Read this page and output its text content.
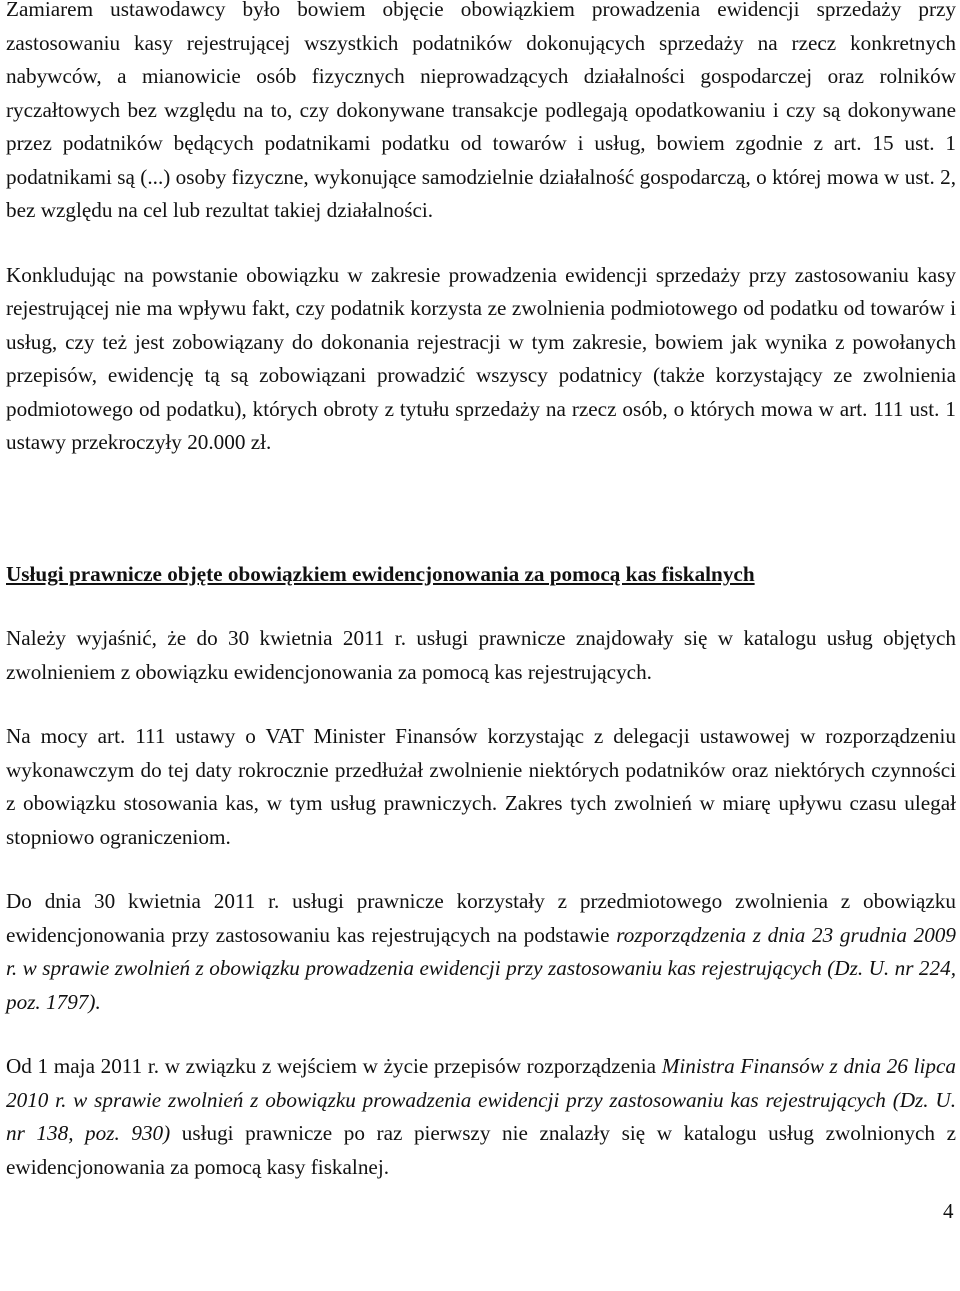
Zamiarem ustawodawcy było bowiem objęcie obowiązkiem prowadzenia ewidencji sprzedaży przy zastosowaniu kasy rejestrującej wszystkich podatników dokonujących sprzedaży na rzecz konkretnych nabywców, a mianowicie osób fizycznych nieprowadzących działalności gospodarczej oraz rolników ryczałtowych bez względu na to, czy dokonywane transakcje podlegają opodatkowaniu i czy są dokonywane przez podatników będących podatnikami podatku od towarów i usług, bowiem zgodnie z art. 15 ust. 1 podatnikami są (...) osoby fizyczne, wykonujące samodzielnie działalność gospodarczą, o której mowa w ust. 2, bez względu na cel lub rezultat takiej działalności.

Konkludując na powstanie obowiązku w zakresie prowadzenia ewidencji sprzedaży przy zastosowaniu kasy rejestrującej nie ma wpływu fakt, czy podatnik korzysta ze zwolnienia podmiotowego od podatku od towarów i usług, czy też jest zobowiązany do dokonania rejestracji w tym zakresie, bowiem jak wynika z powołanych przepisów, ewidencję tą są zobowiązani prowadzić wszyscy podatnicy (także korzystający ze zwolnienia podmiotowego od podatku), których obroty z tytułu sprzedaży na rzecz osób, o których mowa w art. 111 ust. 1 ustawy przekroczyły 20.000 zł.

Usługi prawnicze objęte obowiązkiem ewidencjonowania za pomocą kas fiskalnych

Należy wyjaśnić, że do 30 kwietnia 2011 r. usługi prawnicze znajdowały się w katalogu usług objętych zwolnieniem z obowiązku ewidencjonowania za pomocą kas rejestrujących.

Na mocy art. 111 ustawy o VAT Minister Finansów korzystając z delegacji ustawowej w rozporządzeniu wykonawczym do tej daty rokrocznie przedłużał zwolnienie niektórych podatników oraz niektórych czynności z obowiązku stosowania kas, w tym usług prawniczych. Zakres tych zwolnień w miarę upływu czasu ulegał stopniowo ograniczeniom.

Do dnia 30 kwietnia 2011 r. usługi prawnicze korzystały z przedmiotowego zwolnienia z obowiązku ewidencjonowania przy zastosowaniu kas rejestrujących na podstawie rozporządzenia z dnia 23 grudnia 2009 r. w sprawie zwolnień z obowiązku prowadzenia ewidencji przy zastosowaniu kas rejestrujących (Dz. U. nr 224, poz. 1797).

Od 1 maja 2011 r. w związku z wejściem w życie przepisów rozporządzenia Ministra Finansów z dnia 26 lipca 2010 r. w sprawie zwolnień z obowiązku prowadzenia ewidencji przy zastosowaniu kas rejestrujących (Dz. U. nr 138, poz. 930) usługi prawnicze po raz pierwszy nie znalazły się w katalogu usług zwolnionych z ewidencjonowania za pomocą kasy fiskalnej.

4
